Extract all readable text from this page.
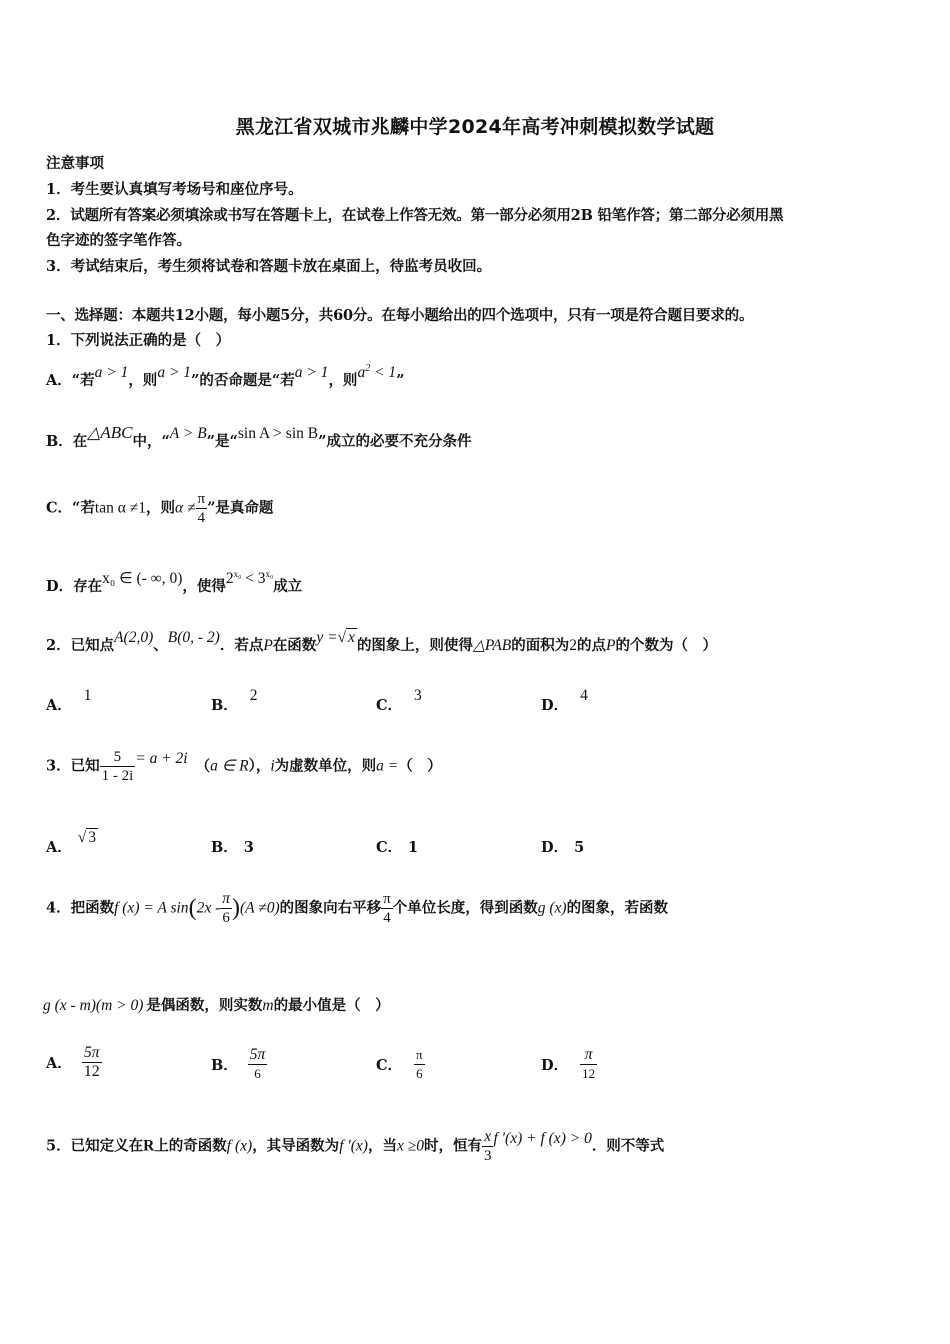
黑龙江省双城市兆麟中学2024年高考冲刺模拟数学试题
注意事项
1．考生要认真填写考场号和座位序号。
2．试题所有答案必须填涂或书写在答题卡上，在试卷上作答无效。第一部分必须用2B 铅笔作答；第二部分必须用黑
色字迹的签字笔作答。
3．考试结束后，考生须将试卷和答题卡放在桌面上，待监考员收回。
一、选择题：本题共12小题，每小题5分，共60分。在每小题给出的四个选项中，只有一项是符合题目要求的。
1．下列说法正确的是（　）
A．“若a > 1，则a > 1”的否命题是“若a > 1，则$a^2 < 1$”
B．在△ABC中，“A > B”是“sin A > sin B”成立的必要不充分条件
C．“若tan α ≠1，则$\alpha \ne \frac{\pi}{4}$ ”是真命题
D．存在x₀ ∈ (- ∞, 0)，使得$2^{x_0} < 3^{x_0}$成立
2．已知点A(2,0)、B(0, - 2)．若点P在函数y =√ x 的图象上，则使得△PAB的面积为2的点P的个数为（　）
A．1
B．2
C．3
D．4
3．已知 $\frac{5}{1 - 2i} = a + 2i$ （a ∈ R），i为虚数单位，则a =（　）
A．√ 3
B． 3	C． 1	D． 5
4．把函数f (x) = A $\sin(2x - \frac{\pi}{6} )(A \ne 0)$的图象向右平移 $\frac{\pi}{4}$ 个单位长度，得到函数g (x)的图象，若函数
g (x - m)(m > 0) 是偶函数，则实数m的最小值是（　）
A． $\frac{5\pi}{12}$	B． $\frac{5\pi}{6}$	C． $\frac{\pi}{6}$	D． $\frac{\pi}{12}$
5．已知定义在R上的奇函数f (x)，其导函数为f ′(x)，当x ≥0时，恒有 $\frac{x}{3}$ f ′(x) + f (x) > 0．则不等式
